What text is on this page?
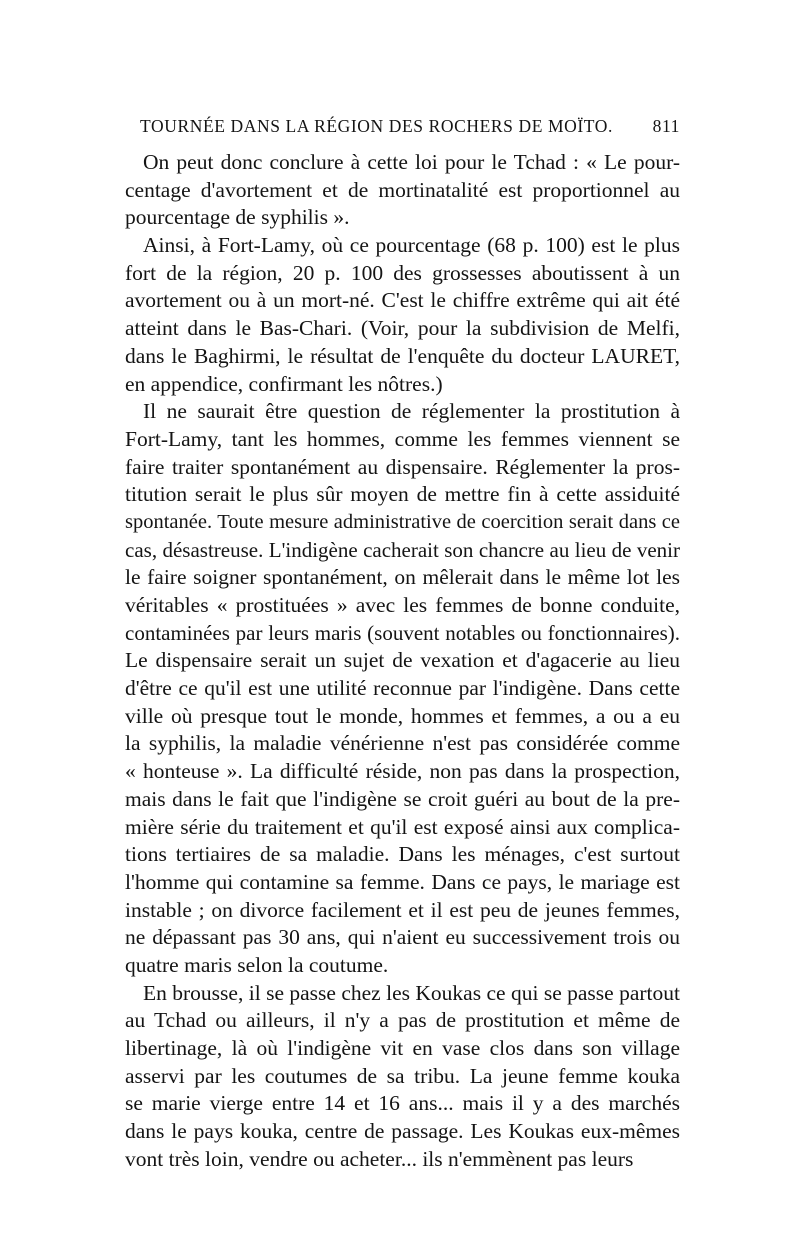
TOURNÉE DANS LA RÉGION DES ROCHERS DE MOÏTO. 811
On peut donc conclure à cette loi pour le Tchad : « Le pour-
centage d'avortement et de mortinatalité est proportionnel au
pourcentage de syphilis ».
Ainsi, à Fort-Lamy, où ce pourcentage (68 p. 100) est le plus
fort de la région, 20 p. 100 des grossesses aboutissent à un
avortement ou à un mort-né. C'est le chiffre extrême qui ait été
atteint dans le Bas-Chari. (Voir, pour la subdivision de Melfi,
dans le Baghirmi, le résultat de l'enquête du docteur LAURET,
en appendice, confirmant les nôtres.)
Il ne saurait être question de réglementer la prostitution à
Fort-Lamy, tant les hommes, comme les femmes viennent se
faire traiter spontanément au dispensaire. Réglementer la pros-
titution serait le plus sûr moyen de mettre fin à cette assiduité
spontanée. Toute mesure administrative de coercition serait dans ce
cas, désastreuse. L'indigène cacherait son chancre au lieu de venir
le faire soigner spontanément, on mêlerait dans le même lot les
véritables « prostituées » avec les femmes de bonne conduite,
contaminées par leurs maris (souvent notables ou fonctionnaires).
Le dispensaire serait un sujet de vexation et d'agacerie au lieu
d'être ce qu'il est une utilité reconnue par l'indigène. Dans cette
ville où presque tout le monde, hommes et femmes, a ou a eu
la syphilis, la maladie vénérienne n'est pas considérée comme
« honteuse ». La difficulté réside, non pas dans la prospection,
mais dans le fait que l'indigène se croit guéri au bout de la pre-
mière série du traitement et qu'il est exposé ainsi aux complica-
tions tertiaires de sa maladie. Dans les ménages, c'est surtout
l'homme qui contamine sa femme. Dans ce pays, le mariage est
instable ; on divorce facilement et il est peu de jeunes femmes,
ne dépassant pas 30 ans, qui n'aient eu successivement trois ou
quatre maris selon la coutume.
En brousse, il se passe chez les Koukas ce qui se passe partout
au Tchad ou ailleurs, il n'y a pas de prostitution et même de
libertinage, là où l'indigène vit en vase clos dans son village
asservi par les coutumes de sa tribu. La jeune femme kouka
se marie vierge entre 14 et 16 ans... mais il y a des marchés
dans le pays kouka, centre de passage. Les Koukas eux-mêmes
vont très loin, vendre ou acheter... ils n'emmènent pas leurs
